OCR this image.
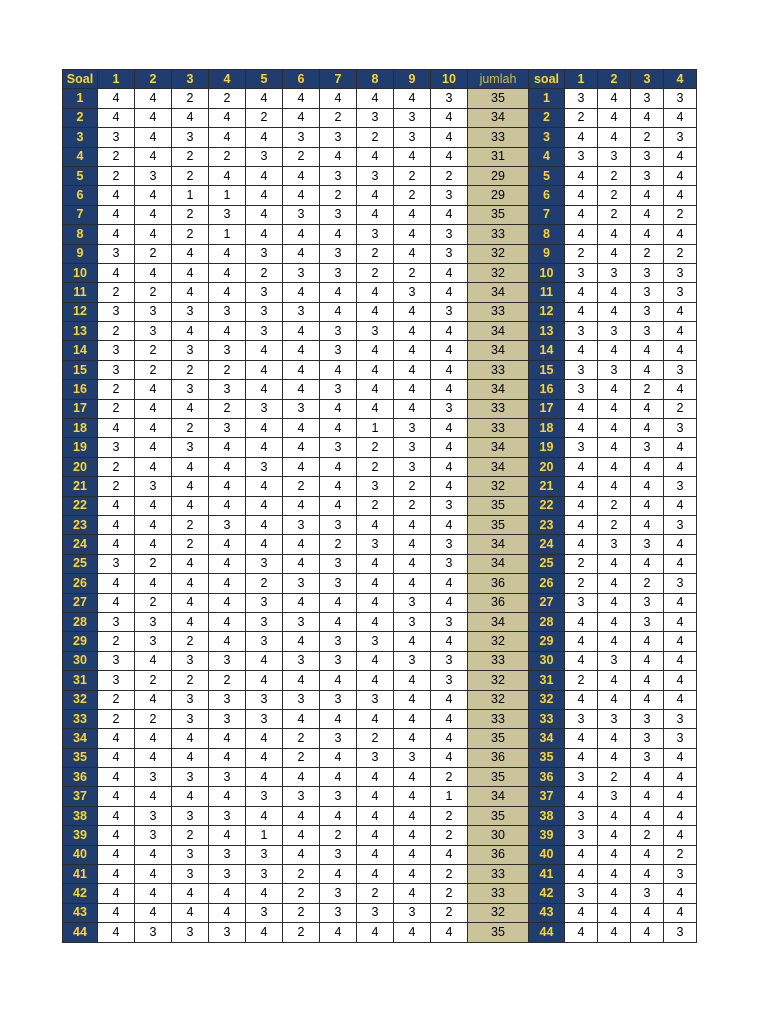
Soal	1	2	3	4	5	6	7	8	9	10	jumlah	soal	1	2	3	4
1	4	4	2	2	4	4	4	4	4	3	35	1	3	4	3	3
2	4	4	4	4	2	4	2	3	3	4	34	2	2	4	4	4
3	3	4	3	4	4	3	3	2	3	4	33	3	4	4	2	3
4	2	4	2	2	3	2	4	4	4	4	31	4	3	3	3	4
5	2	3	2	4	4	4	3	3	2	2	29	5	4	2	3	4
6	4	4	1	1	4	4	2	4	2	3	29	6	4	2	4	4
7	4	4	2	3	4	3	3	4	4	4	35	7	4	2	4	2
8	4	4	2	1	4	4	4	3	4	3	33	8	4	4	4	4
9	3	2	4	4	3	4	3	2	4	3	32	9	2	4	2	2
10	4	4	4	4	2	3	3	2	2	4	32	10	3	3	3	3
11	2	2	4	4	3	4	4	4	3	4	34	11	4	4	3	3
12	3	3	3	3	3	3	4	4	4	3	33	12	4	4	3	4
13	2	3	4	4	3	4	3	3	4	4	34	13	3	3	3	4
14	3	2	3	3	4	4	3	4	4	4	34	14	4	4	4	4
15	3	2	2	2	4	4	4	4	4	4	33	15	3	3	4	3
16	2	4	3	3	4	4	3	4	4	4	34	16	3	4	2	4
17	2	4	4	2	3	3	4	4	4	3	33	17	4	4	4	2
18	4	4	2	3	4	4	4	1	3	4	33	18	4	4	4	3
19	3	4	3	4	4	4	3	2	3	4	34	19	3	4	3	4
20	2	4	4	4	3	4	4	2	3	4	34	20	4	4	4	4
21	2	3	4	4	4	2	4	3	2	4	32	21	4	4	4	3
22	4	4	4	4	4	4	4	2	2	3	35	22	4	2	4	4
23	4	4	2	3	4	3	3	4	4	4	35	23	4	2	4	3
24	4	4	2	4	4	4	2	3	4	3	34	24	4	3	3	4
25	3	2	4	4	3	4	3	4	4	3	34	25	2	4	4	4
26	4	4	4	4	2	3	3	4	4	4	36	26	2	4	2	3
27	4	2	4	4	3	4	4	4	3	4	36	27	3	4	3	4
28	3	3	4	4	3	3	4	4	3	3	34	28	4	4	3	4
29	2	3	2	4	3	4	3	3	4	4	32	29	4	4	4	4
30	3	4	3	3	4	3	3	4	3	3	33	30	4	3	4	4
31	3	2	2	2	4	4	4	4	4	3	32	31	2	4	4	4
32	2	4	3	3	3	3	3	3	4	4	32	32	4	4	4	4
33	2	2	3	3	3	4	4	4	4	4	33	33	3	3	3	3
34	4	4	4	4	4	2	3	2	4	4	35	34	4	4	3	3
35	4	4	4	4	4	2	4	3	3	4	36	35	4	4	3	4
36	4	3	3	3	4	4	4	4	4	2	35	36	3	2	4	4
37	4	4	4	4	3	3	3	4	4	1	34	37	4	3	4	4
38	4	3	3	3	4	4	4	4	4	2	35	38	3	4	4	4
39	4	3	2	4	1	4	2	4	4	2	30	39	3	4	2	4
40	4	4	3	3	3	4	3	4	4	4	36	40	4	4	4	2
41	4	4	3	3	3	2	4	4	4	2	33	41	4	4	4	3
42	4	4	4	4	4	2	3	2	4	2	33	42	3	4	3	4
43	4	4	4	4	3	2	3	3	3	2	32	43	4	4	4	4
44	4	3	3	3	4	2	4	4	4	4	35	44	4	4	4	3
